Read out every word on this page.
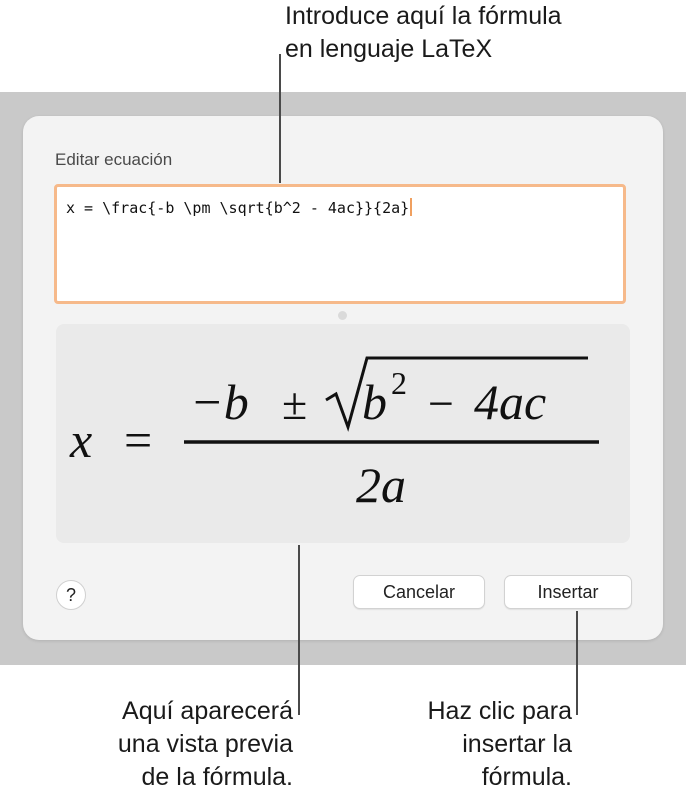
Introduce aquí la fórmula
en lenguaje LaTeX
Editar ecuación
x = \frac{-b \pm \sqrt{b^2 - 4ac}}{2a}
x =
−b ± b 2 − 4ac
2a
?	Cancelar	Insertar
Aquí aparecerá
una vista previa
de la fórmula.
Haz clic para
insertar la
fórmula.
